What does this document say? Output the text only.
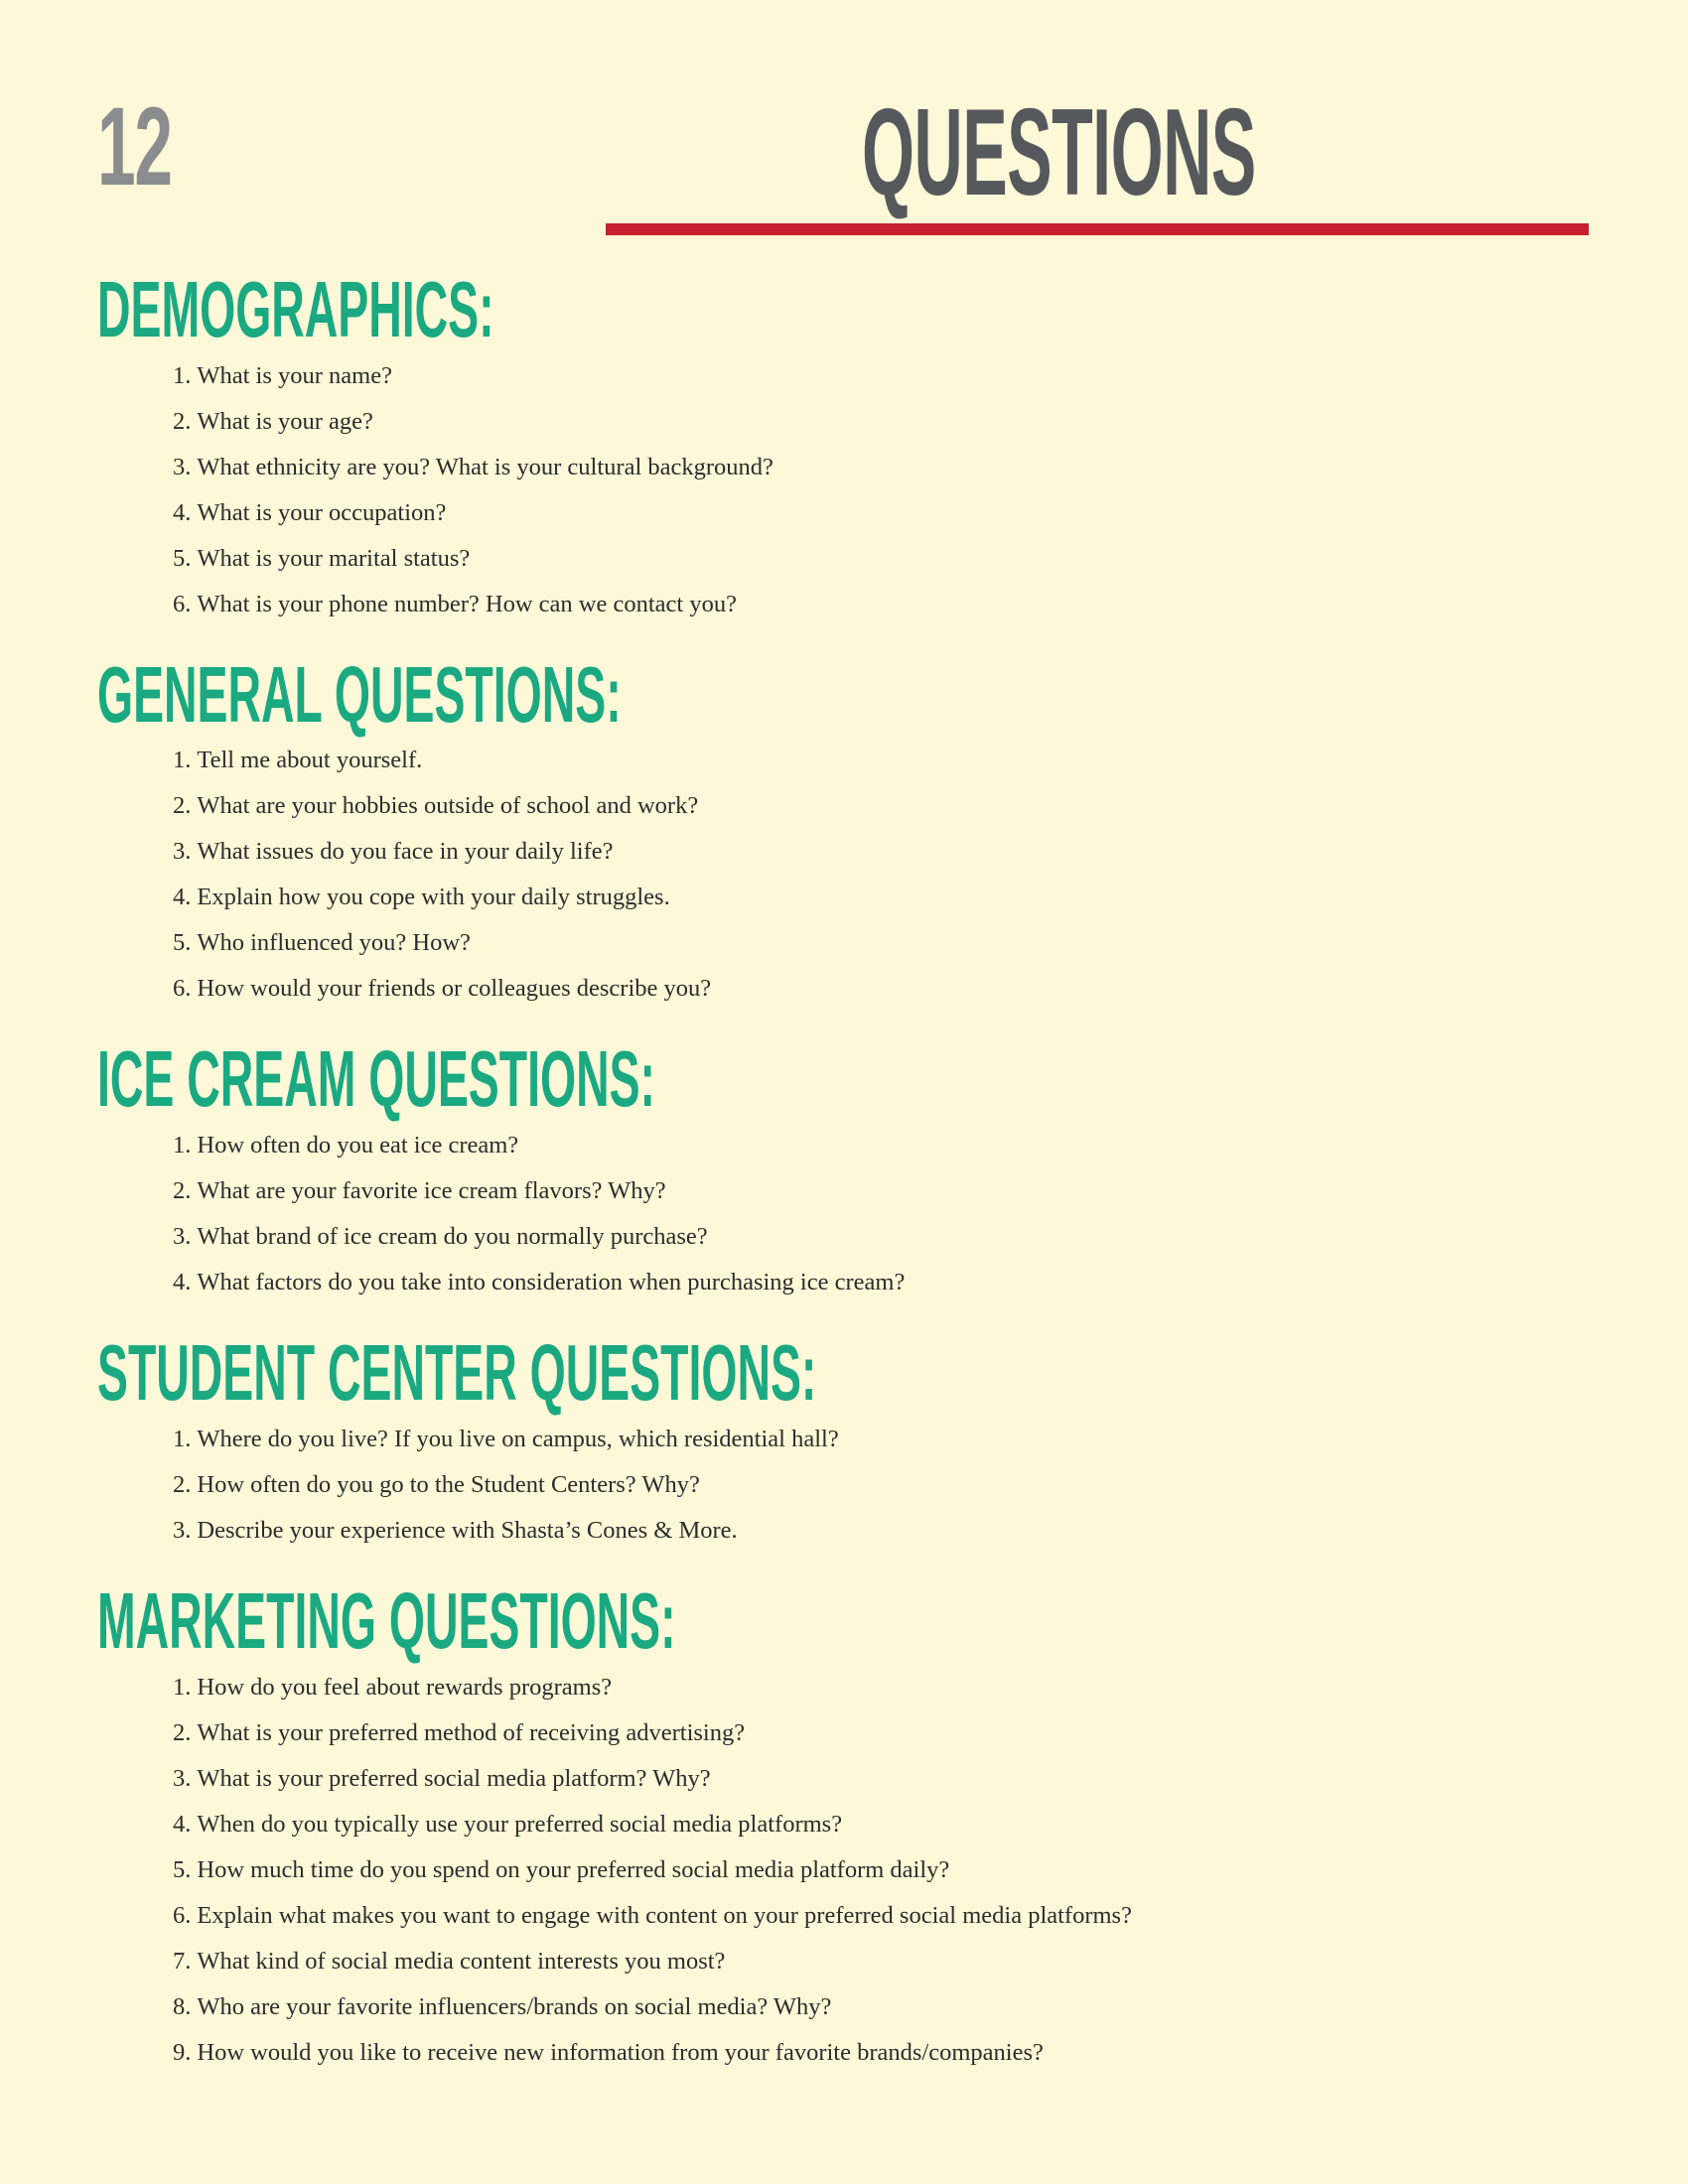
12	QUESTIONS
DEMOGRAPHICS:
1. What is your name?
2. What is your age?
3. What ethnicity are you? What is your cultural background?
4. What is your occupation?
5. What is your marital status?
6. What is your phone number? How can we contact you?
GENERAL QUESTIONS:
1. Tell me about yourself.
2. What are your hobbies outside of school and work?
3. What issues do you face in your daily life?
4. Explain how you cope with your daily struggles.
5. Who influenced you? How?
6. How would your friends or colleagues describe you?
ICE CREAM QUESTIONS:
1. How often do you eat ice cream?
2. What are your favorite ice cream flavors? Why?
3. What brand of ice cream do you normally purchase?
4. What factors do you take into consideration when purchasing ice cream?
STUDENT CENTER QUESTIONS:
1. Where do you live? If you live on campus, which residential hall?
2. How often do you go to the Student Centers? Why?
3. Describe your experience with Shasta’s Cones & More.
MARKETING QUESTIONS:
1. How do you feel about rewards programs?
2. What is your preferred method of receiving advertising?
3. What is your preferred social media platform? Why?
4. When do you typically use your preferred social media platforms?
5. How much time do you spend on your preferred social media platform daily?
6. Explain what makes you want to engage with content on your preferred social media platforms?
7. What kind of social media content interests you most?
8. Who are your favorite influencers/brands on social media? Why?
9. How would you like to receive new information from your favorite brands/companies?
